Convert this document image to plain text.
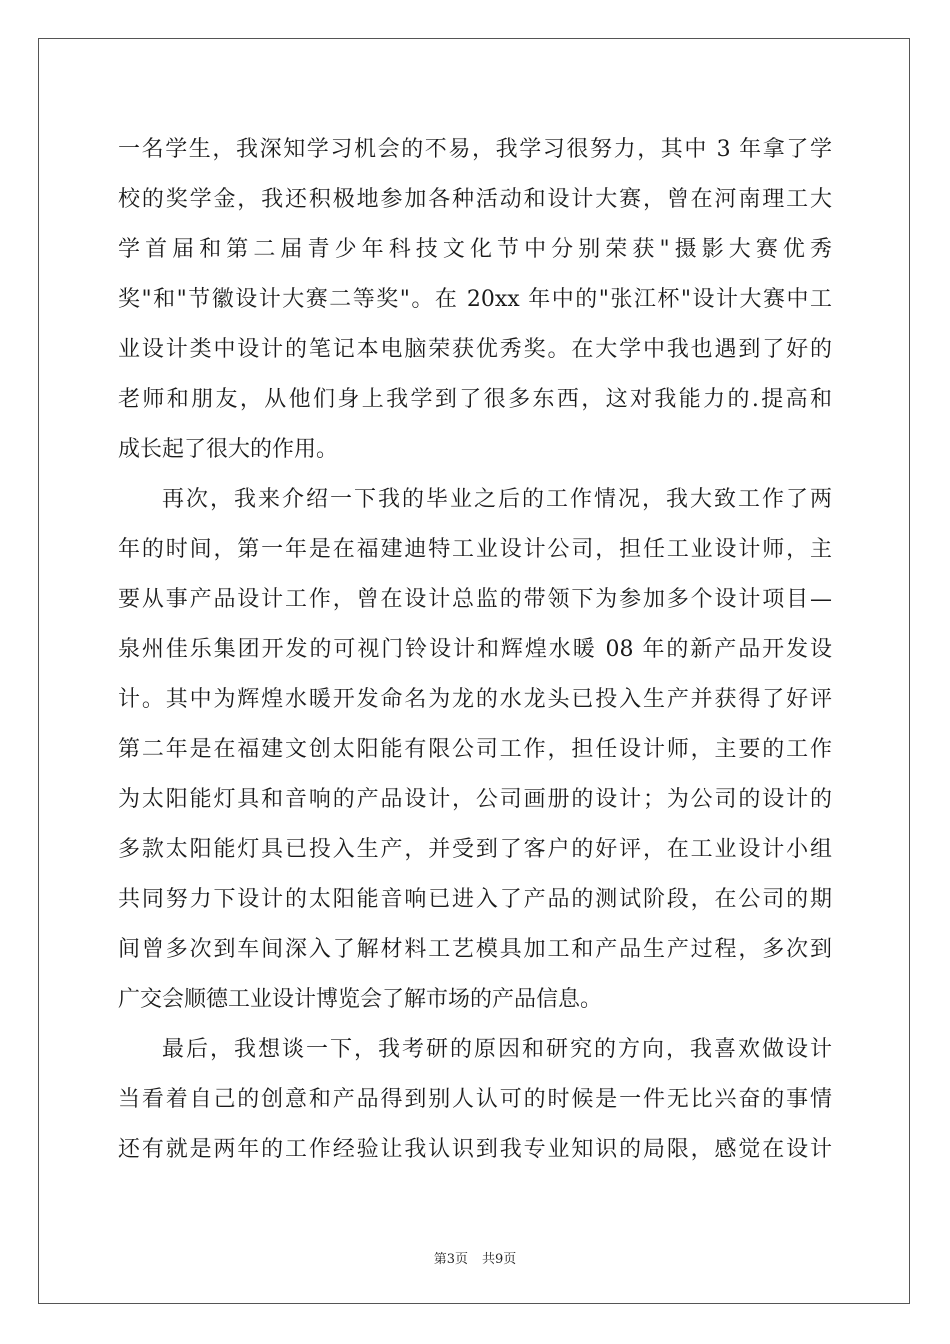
一名学生，我深知学习机会的不易，我学习很努力，其中 3 年拿了学
校的奖学金，我还积极地参加各种活动和设计大赛，曾在河南理工大
学首届和第二届青少年科技文化节中分别荣获"摄影大赛优秀
奖"和"节徽设计大赛二等奖"。在 20xx 年中的"张江杯"设计大赛中工
业设计类中设计的笔记本电脑荣获优秀奖。在大学中我也遇到了好的
老师和朋友，从他们身上我学到了很多东西，这对我能力的.提高和
成长起了很大的作用。
再次，我来介绍一下我的毕业之后的工作情况，我大致工作了两
年的时间，第一年是在福建迪特工业设计公司，担任工业设计师，主
要从事产品设计工作，曾在设计总监的带领下为参加多个设计项目—
泉州佳乐集团开发的可视门铃设计和辉煌水暖 08 年的新产品开发设
计。其中为辉煌水暖开发命名为龙的水龙头已投入生产并获得了好评
第二年是在福建文创太阳能有限公司工作，担任设计师，主要的工作
为太阳能灯具和音响的产品设计，公司画册的设计；为公司的设计的
多款太阳能灯具已投入生产，并受到了客户的好评，在工业设计小组
共同努力下设计的太阳能音响已进入了产品的测试阶段，在公司的期
间曾多次到车间深入了解材料工艺模具加工和产品生产过程，多次到
广交会顺德工业设计博览会了解市场的产品信息。
最后，我想谈一下，我考研的原因和研究的方向，我喜欢做设计
当看着自己的创意和产品得到别人认可的时候是一件无比兴奋的事情
还有就是两年的工作经验让我认识到我专业知识的局限，感觉在设计
第3页 共9页
